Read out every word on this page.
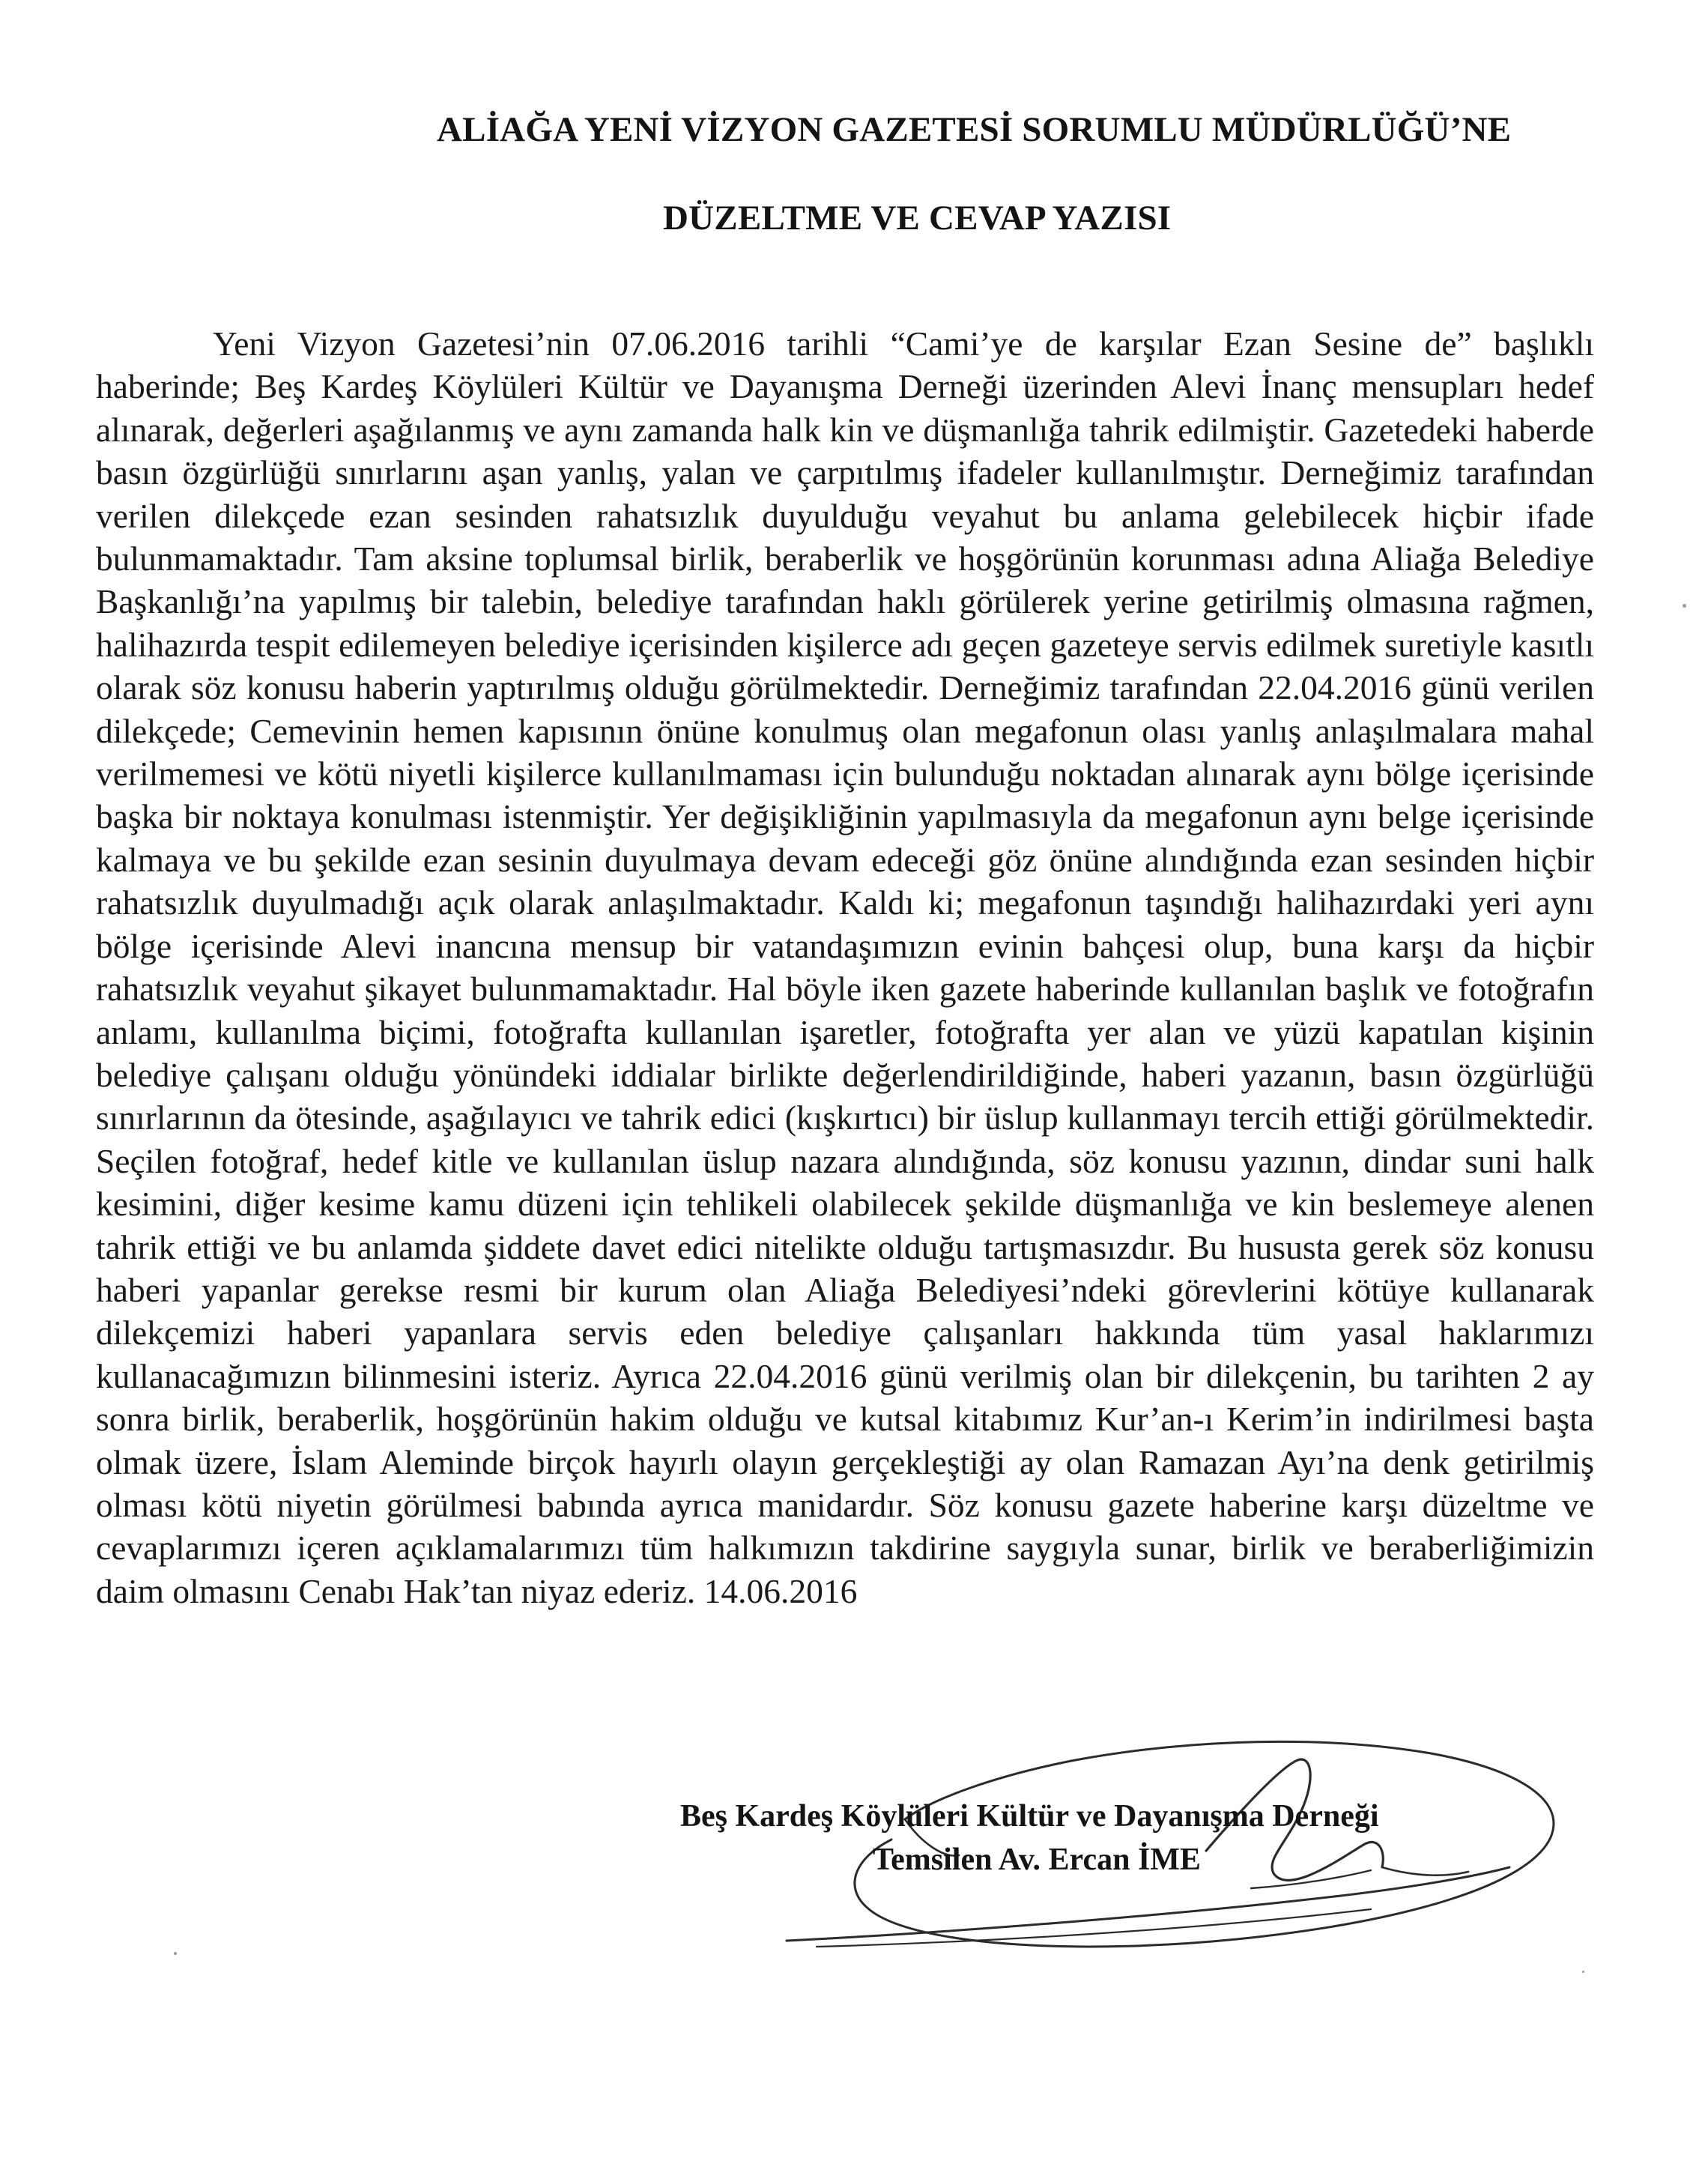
ALİAĞA YENİ VİZYON GAZETESİ SORUMLU MÜDÜRLÜĞÜ’NE
DÜZELTME VE CEVAP YAZISI

Yeni Vizyon Gazetesi’nin 07.06.2016 tarihli “Cami’ye de karşılar Ezan Sesine de” başlıklı haberinde; Beş Kardeş Köylüleri Kültür ve Dayanışma Derneği üzerinden Alevi İnanç mensupları hedef alınarak, değerleri aşağılanmış ve aynı zamanda halk kin ve düşmanlığa tahrik edilmiştir. Gazetedeki haberde basın özgürlüğü sınırlarını aşan yanlış, yalan ve çarpıtılmış ifadeler kullanılmıştır. Derneğimiz tarafından verilen dilekçede ezan sesinden rahatsızlık duyulduğu veyahut bu anlama gelebilecek hiçbir ifade bulunmamaktadır. Tam aksine toplumsal birlik, beraberlik ve hoşgörünün korunması adına Aliağa Belediye Başkanlığı’na yapılmış bir talebin, belediye tarafından haklı görülerek yerine getirilmiş olmasına rağmen, halihazırda tespit edilemeyen belediye içerisinden kişilerce adı geçen gazeteye servis edilmek suretiyle kasıtlı olarak söz konusu haberin yaptırılmış olduğu görülmektedir. Derneğimiz tarafından 22.04.2016 günü verilen dilekçede; Cemevinin hemen kapısının önüne konulmuş olan megafonun olası yanlış anlaşılmalara mahal verilmemesi ve kötü niyetli kişilerce kullanılmaması için bulunduğu noktadan alınarak aynı bölge içerisinde başka bir noktaya konulması istenmiştir. Yer değişikliğinin yapılmasıyla da megafonun aynı belge içerisinde kalmaya ve bu şekilde ezan sesinin duyulmaya devam edeceği göz önüne alındığında ezan sesinden hiçbir rahatsızlık duyulmadığı açık olarak anlaşılmaktadır. Kaldı ki; megafonun taşındığı halihazırdaki yeri aynı bölge içerisinde Alevi inancına mensup bir vatandaşımızın evinin bahçesi olup, buna karşı da hiçbir rahatsızlık veyahut şikayet bulunmamaktadır. Hal böyle iken gazete haberinde kullanılan başlık ve fotoğrafın anlamı, kullanılma biçimi, fotoğrafta kullanılan işaretler, fotoğrafta yer alan ve yüzü kapatılan kişinin belediye çalışanı olduğu yönündeki iddialar birlikte değerlendirildiğinde, haberi yazanın, basın özgürlüğü sınırlarının da ötesinde, aşağılayıcı ve tahrik edici (kışkırtıcı) bir üslup kullanmayı tercih ettiği görülmektedir. Seçilen fotoğraf, hedef kitle ve kullanılan üslup nazara alındığında, söz konusu yazının, dindar suni halk kesimini, diğer kesime kamu düzeni için tehlikeli olabilecek şekilde düşmanlığa ve kin beslemeye alenen tahrik ettiği ve bu anlamda şiddete davet edici nitelikte olduğu tartışmasızdır. Bu hususta gerek söz konusu haberi yapanlar gerekse resmi bir kurum olan Aliağa Belediyesi’ndeki görevlerini kötüye kullanarak dilekçemizi haberi yapanlara servis eden belediye çalışanları hakkında tüm yasal haklarımızı kullanacağımızın bilinmesini isteriz. Ayrıca 22.04.2016 günü verilmiş olan bir dilekçenin, bu tarihten 2 ay sonra birlik, beraberlik, hoşgörünün hakim olduğu ve kutsal kitabımız Kur’an-ı Kerim’in indirilmesi başta olmak üzere, İslam Aleminde birçok hayırlı olayın gerçekleştiği ay olan Ramazan Ayı’na denk getirilmiş olması kötü niyetin görülmesi babında ayrıca manidardır. Söz konusu gazete haberine karşı düzeltme ve cevaplarımızı içeren açıklamalarımızı tüm halkımızın takdirine saygıyla sunar, birlik ve beraberliğimizin daim olmasını Cenabı Hak’tan niyaz ederiz. 14.06.2016

Beş Kardeş Köylüleri Kültür ve Dayanışma Derneği
Temsilen Av. Ercan İME
